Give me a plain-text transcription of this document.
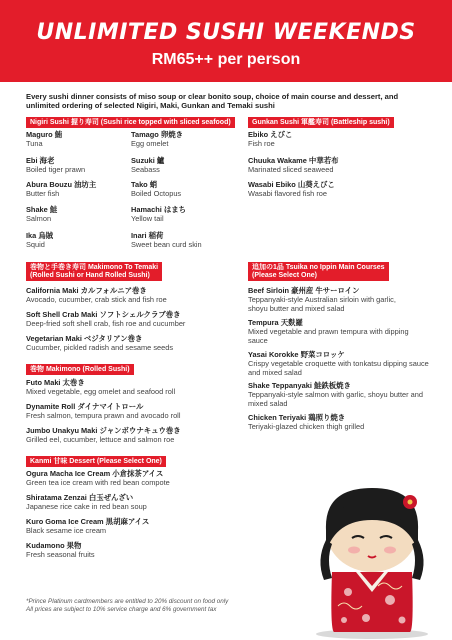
UNLIMITED SUSHI WEEKENDS
RM65++ per person
Every sushi dinner consists of miso soup or clear bonito soup, choice of main course and dessert, and unlimited ordering of selected Nigiri, Maki, Gunkan and Temaki sushi
Nigiri Sushi 握り寿司 (Sushi rice topped with sliced seafood)
Maguro 鮪
Tuna
Tamago 卵焼き
Egg omelet
Ebi 海老
Boiled tiger prawn
Suzuki 鱸
Seabass
Abura Bouzu 油坊主
Butter fish
Tako 蛸
Boiled Octopus
Shake 鮭
Salmon
Hamachi はまち
Yellow tail
Ika 烏賊
Squid
Inari 稲荷
Sweet bean curd skin
Gunkan Sushi 軍艦寿司 (Battleship sushi)
Ebiko えびこ
Fish roe
Chuuka Wakame 中華若布
Marinated sliced seaweed
Wasabi Ebiko 山葵えびこ
Wasabi flavored fish roe
巻物と手巻き寿司 Makimono To Temaki
(Rolled Sushi or Hand Rolled Sushi)
California Maki カルフォルニア巻き
Avocado, cucumber, crab stick and fish roe
Soft Shell Crab Maki ソフトシェルクラブ巻き
Deep-fried soft shell crab, fish roe and cucumber
Vegetarian Maki ベジタリアン巻き
Cucumber, pickled radish and sesame seeds
巻物 Makimono (Rolled Sushi)
Futo Maki 太巻き
Mixed vegetable, egg omelet and seafood roll
Dynamite Roll ダイナマイトロール
Fresh salmon, tempura prawn and avocado roll
Jumbo Unakyu Maki ジャンボウナキュウ巻き
Grilled eel, cucumber, lettuce and salmon roe
追加の1品 Tsuika no Ippin Main Courses
(Please Select One)
Beef Sirloin 豪州産 牛サーロイン
Teppanyaki-style Australian sirloin with garlic,
shoyu butter and mixed salad
Tempura 天麩羅
Mixed vegetable and prawn tempura with dipping
sauce
Yasai Korokke 野菜コロッケ
Crispy vegetable croquette with tonkatsu dipping sauce
and mixed salad
Shake Teppanyaki 鮭鉄板焼き
Teppanyaki-style salmon with garlic, shoyu butter and
mixed salad
Chicken Teriyaki 鶏照り焼き
Teriyaki-glazed chicken thigh grilled
Kanmi 甘味 Dessert (Please Select One)
Ogura Macha Ice Cream 小倉抹茶アイス
Green tea ice cream with red bean compote
Shiratama Zenzai 白玉ぜんざい
Japanese rice cake in red bean soup
Kuro Goma Ice Cream 黒胡麻アイス
Black sesame ice cream
Kudamono 果物
Fresh seasonal fruits
*Prince Platinum cardmembers are entitled to 20% discount on food only
All prices are subject to 10% service charge and 6% government tax
